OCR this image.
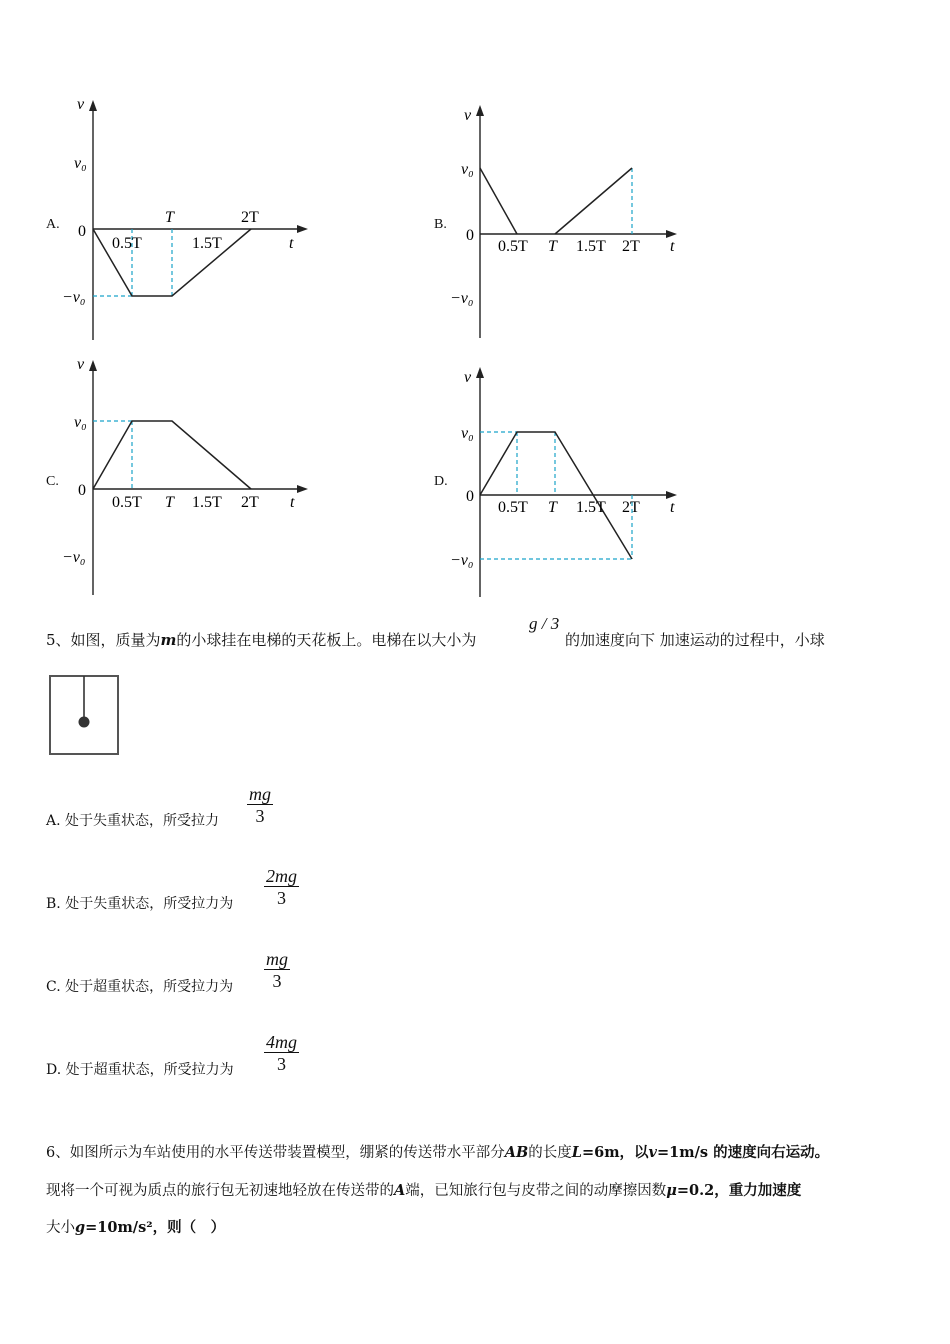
v
v₀
0
−v₀
0.5T	1.5T
T	2T
t
A.
v
v₀
0
−v₀
0.5T T 1.5T 2T t
B.
v
v₀
0
−v₀
0.5T T 1.5T 2T t
C.
v
v₀
0
−v₀
0.5T T 1.5T 2T t
D.
5、如图，质量为m的小球挂在电梯的天花板上。电梯在以大小为
g / 3
的加速度向下 加速运动的过程中，小球
A. 处于失重状态，所受拉力 $\frac{mg}{3}$
B. 处于失重状态，所受拉力为 $\frac{2mg}{3}$
C. 处于超重状态，所受拉力为 $\frac{mg}{3}$
D. 处于超重状态，所受拉力为 $\frac{4mg}{3}$
6、如图所示为车站使用的水平传送带装置模型，绷紧的传送带水平部分AB的长度L=6m，以v=1m/s 的速度向右运动。
现将一个可视为质点的旅行包无初速地轻放在传送带的A端，已知旅行包与皮带之间的动摩擦因数μ=0.2，重力加速度
大小g=10m/s²，则（　）
